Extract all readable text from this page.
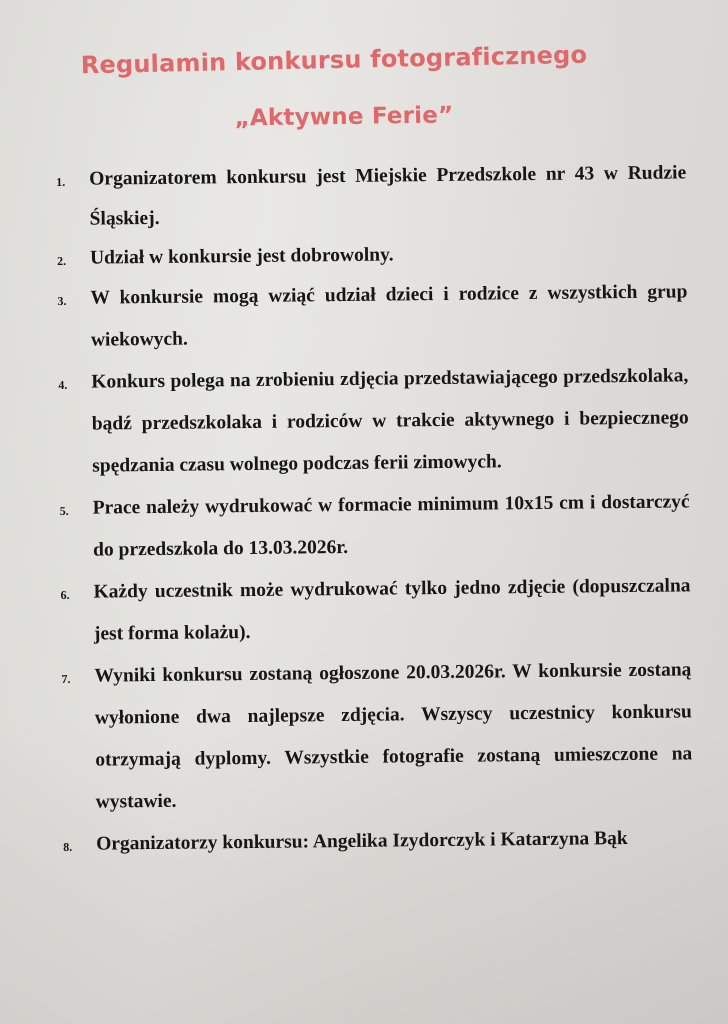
Regulamin konkursu fotograficznego
„Aktywne Ferie”
1. Organizatorem konkursu jest Miejskie Przedszkole nr 43 w Rudzie Śląskiej.
2. Udział w konkursie jest dobrowolny.
3. W konkursie mogą wziąć udział dzieci i rodzice z wszystkich grup wiekowych.
4. Konkurs polega na zrobieniu zdjęcia przedstawiającego przedszkolaka, bądź przedszkolaka i rodziców w trakcie aktywnego i bezpiecznego spędzania czasu wolnego podczas ferii zimowych.
5. Prace należy wydrukować w formacie minimum 10x15 cm i dostarczyć do przedszkola do 13.03.2026r.
6. Każdy uczestnik może wydrukować tylko jedno zdjęcie (dopuszczalna jest forma kolażu).
7. Wyniki konkursu zostaną ogłoszone 20.03.2026r. W konkursie zostaną wyłonione dwa najlepsze zdjęcia. Wszyscy uczestnicy konkursu otrzymają dyplomy. Wszystkie fotografie zostaną umieszczone na wystawie.
8. Organizatorzy konkursu: Angelika Izydorczyk i Katarzyna Bąk
